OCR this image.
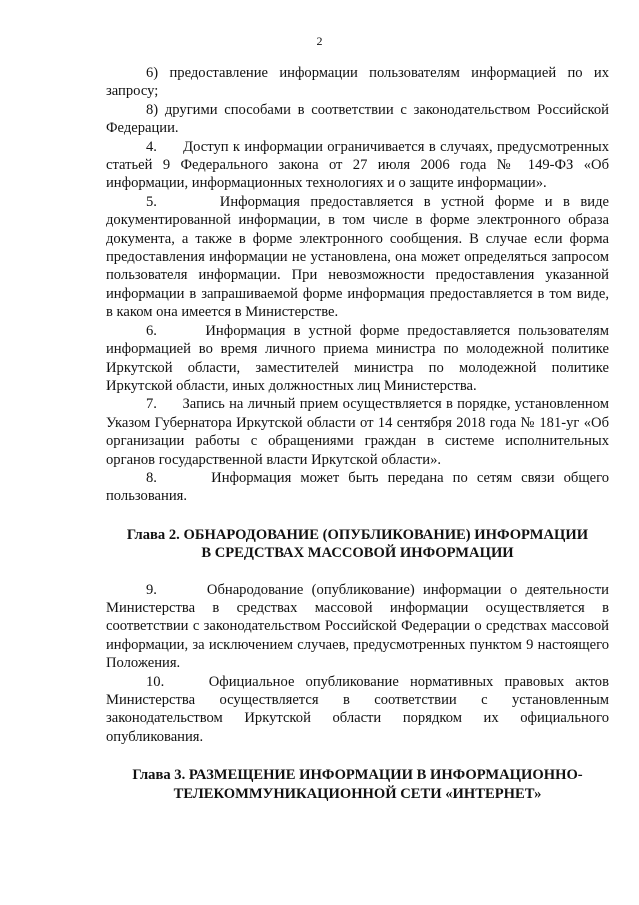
2

6) предоставление информации пользователям информацией по их запросу;

8) другими способами в соответствии с законодательством Российской Федерации.

4.      Доступ к информации ограничивается в случаях, предусмотренных статьей 9 Федерального закона от 27 июля 2006 года № 149-ФЗ «Об информации, информационных технологиях и о защите информации».

5.      Информация предоставляется в устной форме и в виде документированной информации, в том числе в форме электронного образа документа, а также в форме электронного сообщения. В случае если форма предоставления информации не установлена, она может определяться запросом пользователя информации. При невозможности предоставления указанной информации в запрашиваемой форме информация предоставляется в том виде, в каком она имеется в Министерстве.

6.      Информация в устной форме предоставляется пользователям информацией во время личного приема министра по молодежной политике Иркутской области, заместителей министра по молодежной политике Иркутской области, иных должностных лиц Министерства.

7.      Запись на личный прием осуществляется в порядке, установленном Указом Губернатора Иркутской области от 14 сентября 2018 года № 181-уг «Об организации работы с обращениями граждан в системе исполнительных органов государственной власти Иркутской области».

8.      Информация может быть передана по сетям связи общего пользования.

Глава 2. ОБНАРОДОВАНИЕ (ОПУБЛИКОВАНИЕ) ИНФОРМАЦИИ
В СРЕДСТВАХ МАССОВОЙ ИНФОРМАЦИИ

9.      Обнародование (опубликование) информации о деятельности Министерства в средствах массовой информации осуществляется в соответствии с законодательством Российской Федерации о средствах массовой информации, за исключением случаев, предусмотренных пунктом 9 настоящего Положения.

10.    Официальное опубликование нормативных правовых актов Министерства осуществляется в соответствии с установленным законодательством Иркутской области порядком их официального опубликования.

Глава 3. РАЗМЕЩЕНИЕ ИНФОРМАЦИИ В ИНФОРМАЦИОННО-
ТЕЛЕКОММУНИКАЦИОННОЙ СЕТИ «ИНТЕРНЕТ»
